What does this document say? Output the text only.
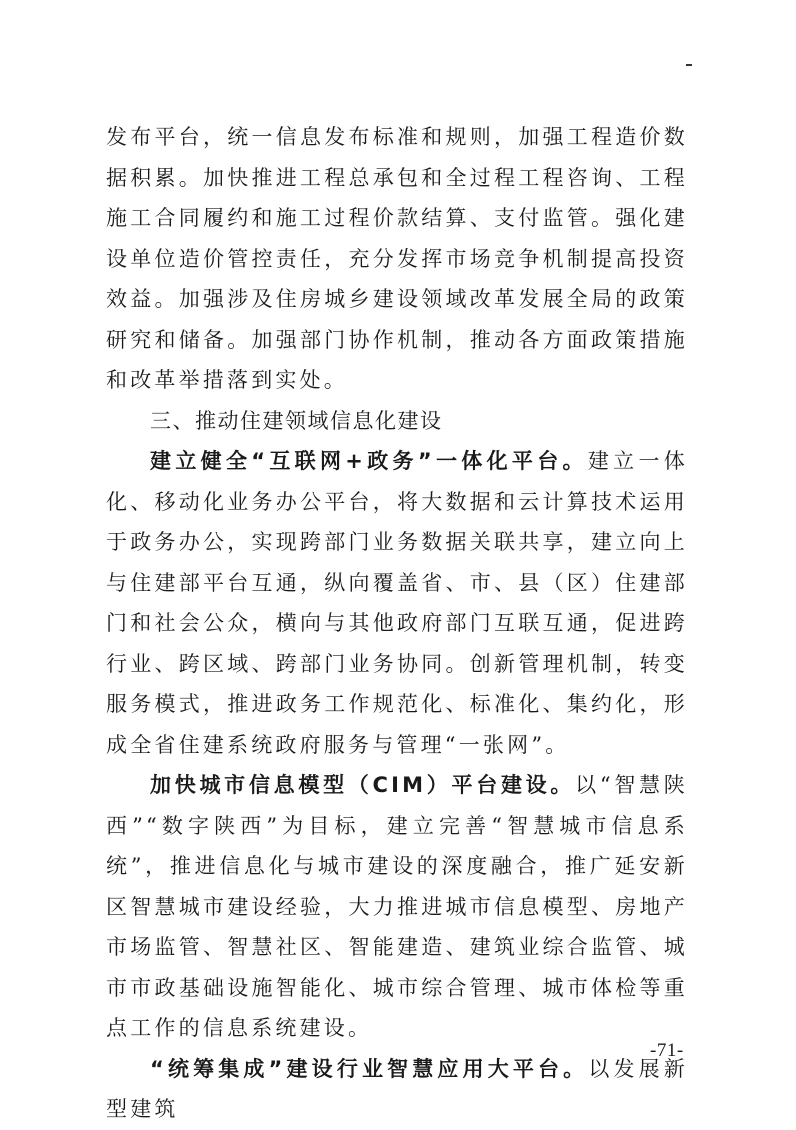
发布平台，统一信息发布标准和规则，加强工程造价数据积累。加快推进工程总承包和全过程工程咨询、工程施工合同履约和施工过程价款结算、支付监管。强化建设单位造价管控责任，充分发挥市场竞争机制提高投资效益。加强涉及住房城乡建设领域改革发展全局的政策研究和储备。加强部门协作机制，推动各方面政策措施和改革举措落到实处。

三、推动住建领域信息化建设

建立健全“互联网+政务”一体化平台。建立一体化、移动化业务办公平台，将大数据和云计算技术运用于政务办公，实现跨部门业务数据关联共享，建立向上与住建部平台互通，纵向覆盖省、市、县（区）住建部门和社会公众，横向与其他政府部门互联互通，促进跨行业、跨区域、跨部门业务协同。创新管理机制，转变服务模式，推进政务工作规范化、标准化、集约化，形成全省住建系统政府服务与管理“一张网”。

加快城市信息模型（CIM）平台建设。以“智慧陕西”“数字陕西”为目标，建立完善“智慧城市信息系统”，推进信息化与城市建设的深度融合，推广延安新区智慧城市建设经验，大力推进城市信息模型、房地产市场监管、智慧社区、智能建造、建筑业综合监管、城市市政基础设施智能化、城市综合管理、城市体检等重点工作的信息系统建设。

“统筹集成”建设行业智慧应用大平台。以发展新型建筑

-71-
